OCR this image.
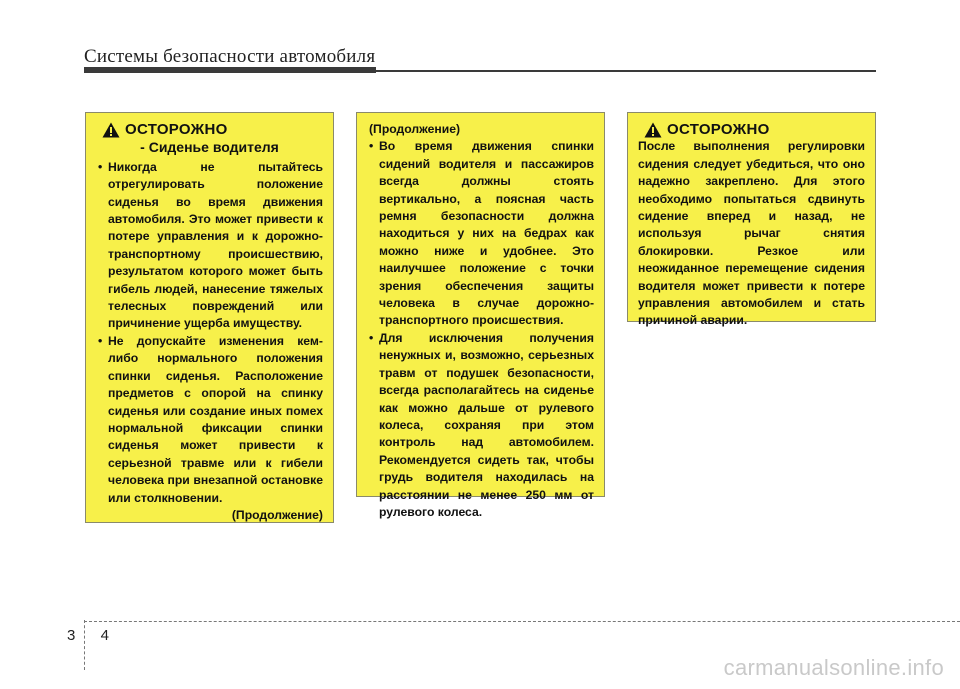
Системы безопасности автомобиля
ОСТОРОЖНО
- Сиденье водителя
• Никогда не пытайтесь отрегулировать положение сиденья во время движения автомобиля. Это может привести к потере управления и к дорожно-транспортному происшествию, результатом которого может быть гибель людей, нанесение тяжелых телесных повреждений или причинение ущерба имуществу.
• Не допускайте изменения кем-либо нормального положения спинки сиденья. Расположение предметов с опорой на спинку сиденья или создание иных помех нормальной фиксации спинки сиденья может привести к серьезной травме или к гибели человека при внезапной остановке или столкновении.
(Продолжение)
(Продолжение)
• Во время движения спинки сидений водителя и пассажиров всегда должны стоять вертикально, а поясная часть ремня безопасности должна находиться у них на бедрах как можно ниже и удобнее. Это наилучшее положение с точки зрения обеспечения защиты человека в случае дорожно-транспортного происшествия.
• Для исключения получения ненужных и, возможно, серьезных травм от подушек безопасности, всегда располагайтесь на сиденье как можно дальше от рулевого колеса, сохраняя при этом контроль над автомобилем. Рекомендуется сидеть так, чтобы грудь водителя находилась на расстоянии не менее 250 мм от рулевого колеса.
ОСТОРОЖНО

После выполнения регулировки сидения следует убедиться, что оно надежно закреплено. Для этого необходимо попытаться сдвинуть сидение вперед и назад, не используя рычаг снятия блокировки. Резкое или неожиданное перемещение сидения водителя может привести к потере управления автомобилем и стать причиной аварии.

3 4
carmanualsonline.info
